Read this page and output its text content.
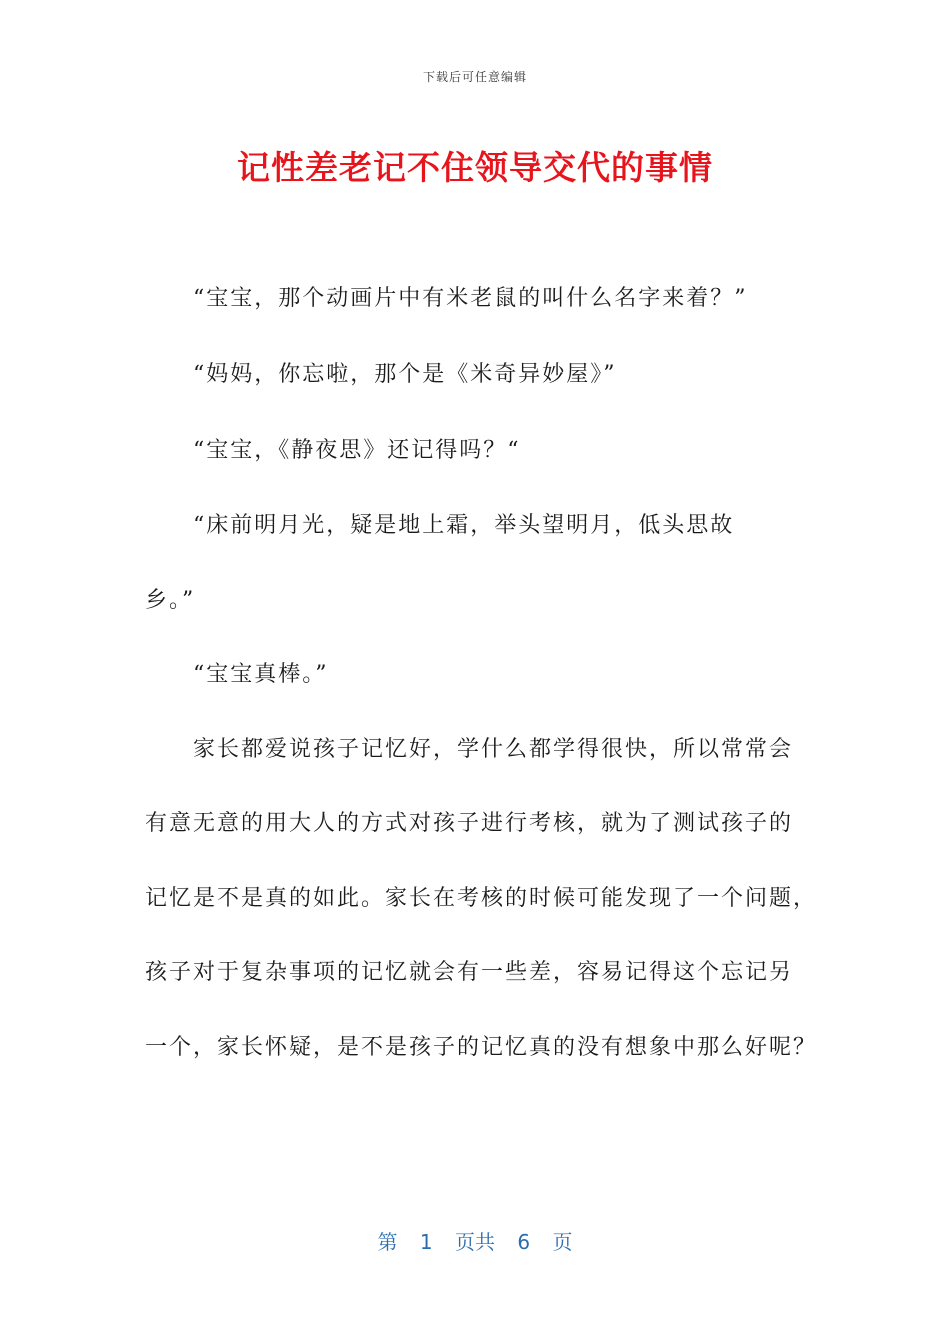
下载后可任意编辑
记性差老记不住领导交代的事情
“宝宝，那个动画片中有米老鼠的叫什么名字来着？”
“妈妈，你忘啦，那个是《米奇异妙屋》”
“宝宝，《静夜思》还记得吗？“
“床前明月光，疑是地上霜，举头望明月，低头思故
乡。”
“宝宝真棒。”
家长都爱说孩子记忆好，学什么都学得很快，所以常常会
有意无意的用大人的方式对孩子进行考核，就为了测试孩子的
记忆是不是真的如此。家长在考核的时候可能发现了一个问题，
孩子对于复杂事项的记忆就会有一些差，容易记得这个忘记另
一个，家长怀疑，是不是孩子的记忆真的没有想象中那么好呢？
第 1 页共 6 页
